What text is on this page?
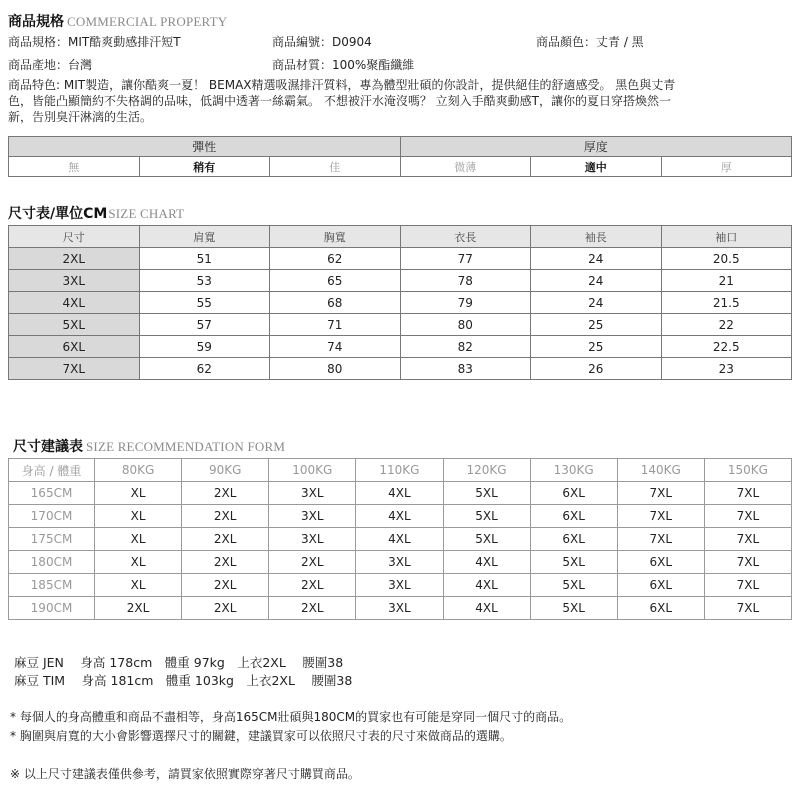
商品規格 COMMERCIAL PROPERTY
商品規格：MIT酷爽動感排汗短T	商品編號：D0904	商品顏色：丈青 / 黑
商品產地：台灣	商品材質：100%聚酯纖維
商品特色: MIT製造，讓你酷爽一夏！ BEMAX精選吸濕排汗質料，專為體型壯碩的你設計，提供絕佳的舒適感受。 黑色與丈青
色，皆能凸顯簡約不失格調的品味，低調中透著一絲霸氣。 不想被汗水淹沒嗎？ 立刻入手酷爽動感T，讓你的夏日穿搭煥然一
新，告別臭汗淋漓的生活。
彈性			厚度		
無	稍有	佳	微薄	適中	厚
尺寸表/單位CMSIZE CHART
尺寸	肩寬	胸寬	衣長	袖長	袖口
2XL	51	62	77	24	20.5
3XL	53	65	78	24	21
4XL	55	68	79	24	21.5
5XL	57	71	80	25	22
6XL	59	74	82	25	22.5
7XL	62	80	83	26	23
尺寸建議表 SIZE RECOMMENDATION FORM
身高 / 體重	80KG	90KG	100KG	110KG	120KG	130KG	140KG	150KG
165CM	XL	2XL	3XL	4XL	5XL	6XL	7XL	7XL
170CM	XL	2XL	3XL	4XL	5XL	6XL	7XL	7XL
175CM	XL	2XL	3XL	4XL	5XL	6XL	7XL	7XL
180CM	XL	2XL	2XL	3XL	4XL	5XL	6XL	7XL
185CM	XL	2XL	2XL	3XL	4XL	5XL	6XL	7XL
190CM	2XL	2XL	2XL	3XL	4XL	5XL	6XL	7XL
麻豆 JEN　 身高 178cm　體重 97kg　上衣2XL　 腰圍38
麻豆 TIM　 身高 181cm　體重 103kg　上衣2XL　 腰圍38
* 每個人的身高體重和商品不盡相等，身高165CM壯碩與180CM的買家也有可能是穿同一個尺寸的商品。
* 胸圍與肩寬的大小會影響選擇尺寸的關鍵，建議買家可以依照尺寸表的尺寸來做商品的選購。
※ 以上尺寸建議表僅供參考，請買家依照實際穿著尺寸購買商品。
